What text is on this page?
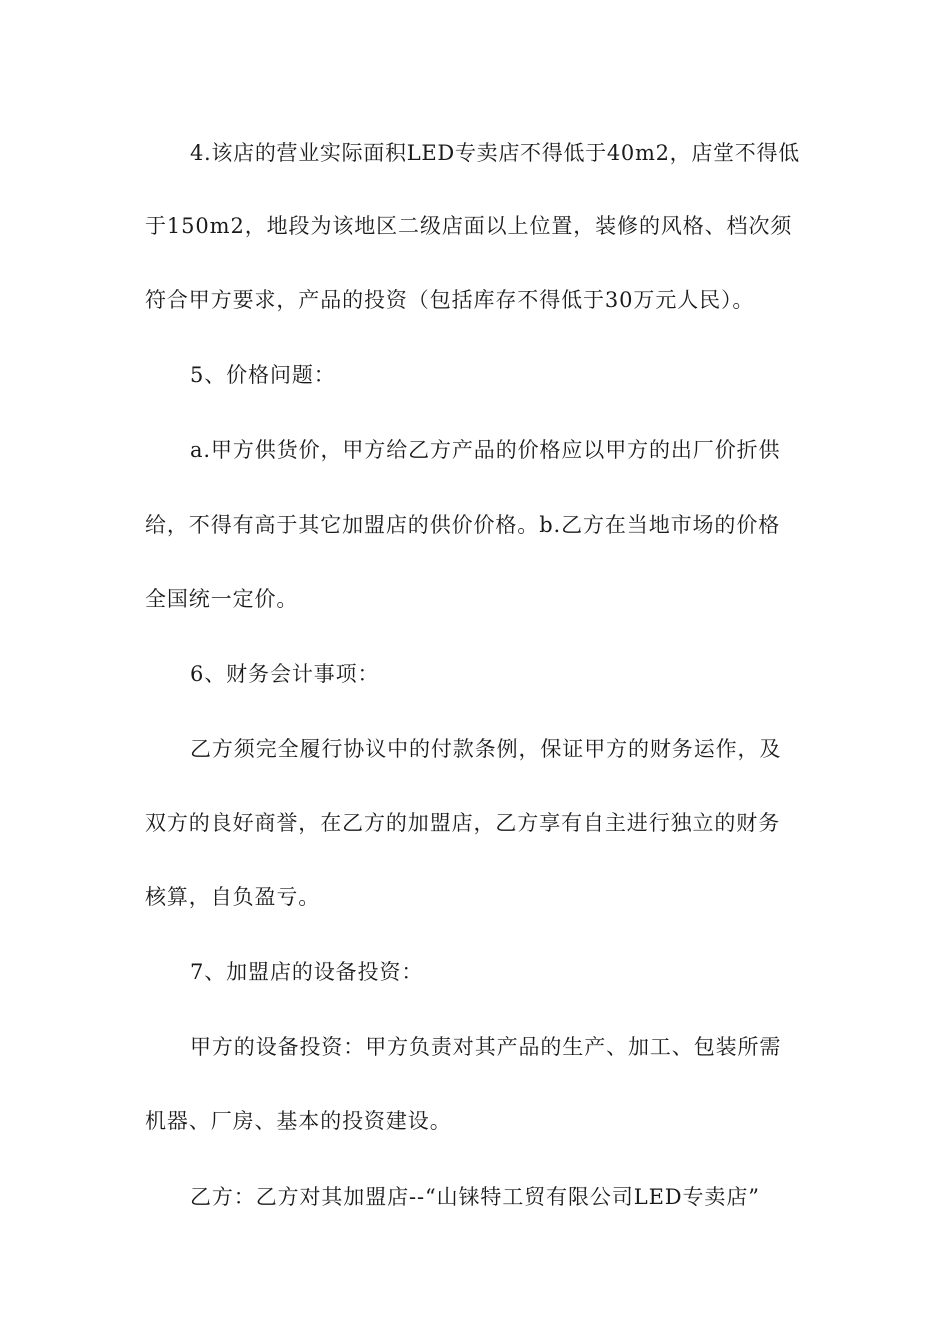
4.该店的营业实际面积LED专卖店不得低于40m2，店堂不得低
于150m2，地段为该地区二级店面以上位置，装修的风格、档次须
符合甲方要求，产品的投资（包括库存不得低于30万元人民）。
5、价格问题：
a.甲方供货价，甲方给乙方产品的价格应以甲方的出厂价折供
给，不得有高于其它加盟店的供价价格。b.乙方在当地市场的价格
全国统一定价。
6、财务会计事项：
乙方须完全履行协议中的付款条例，保证甲方的财务运作，及
双方的良好商誉，在乙方的加盟店，乙方享有自主进行独立的财务
核算，自负盈亏。
7、加盟店的设备投资：
甲方的设备投资：甲方负责对其产品的生产、加工、包装所需
机器、厂房、基本的投资建设。
乙方：乙方对其加盟店--“山铼特工贸有限公司LED专卖店”
